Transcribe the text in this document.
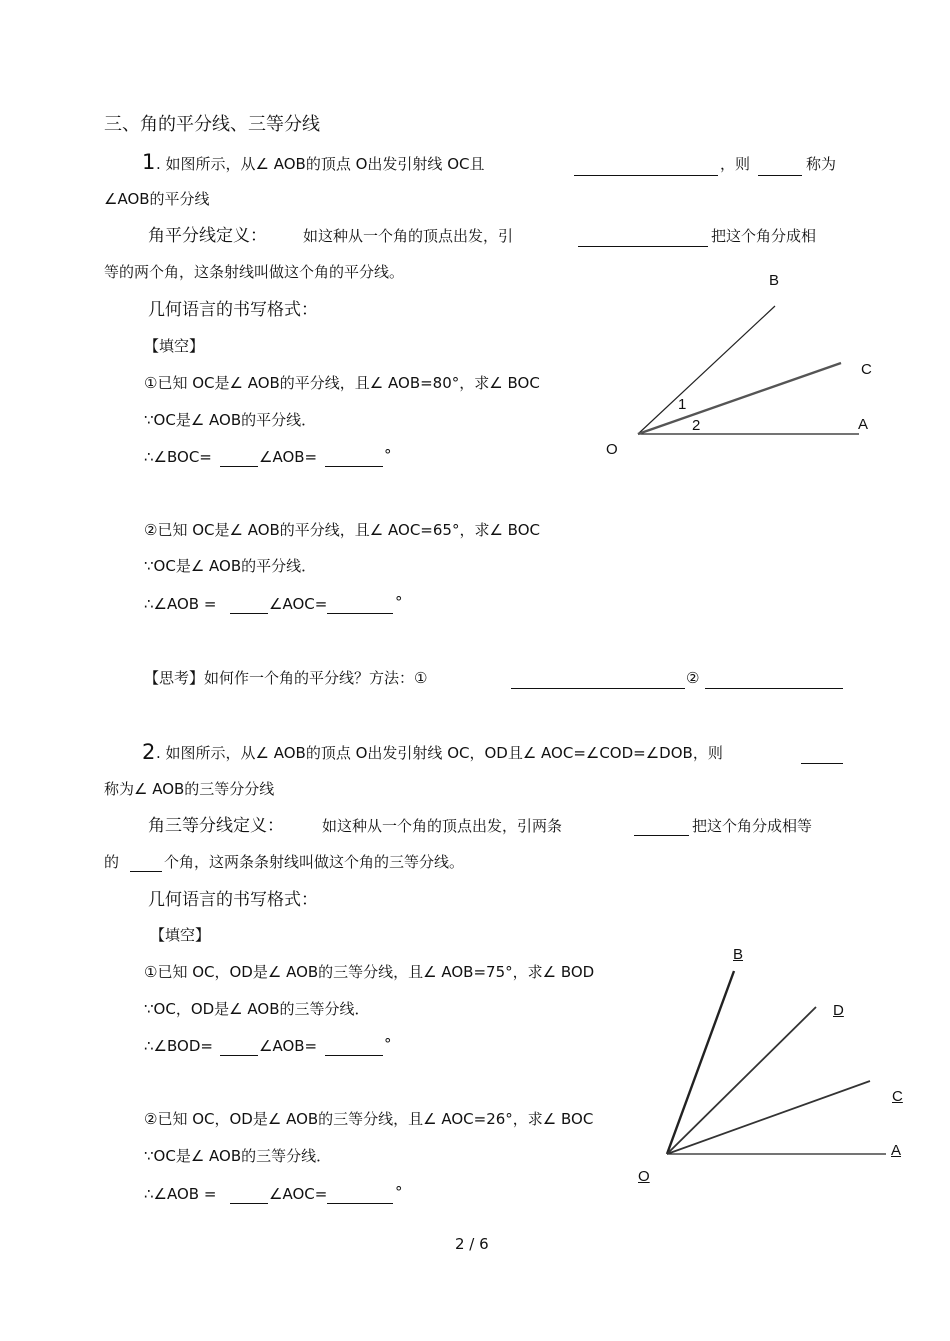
三、角的平分线、三等分线
1 . 如图所示，从∠ AOB的顶点 O出发引射线 OC且	，则	称为
∠AOB的平分线
角平分线定义： 如这种从一个角的顶点出发，引	把这个角分成相
等的两个角，这条射线叫做这个角的平分线。
几何语言的书写格式：
【填空】
①已知 OC是∠ AOB的平分线，且∠ AOB=80°，求∠ BOC
∵OC是∠ AOB的平分线．
∴∠BOC=	∠AOB=	°
②已知 OC是∠ AOB的平分线，且∠ AOC=65°，求∠ BOC
∵OC是∠ AOB的平分线．
∴∠AOB =	∠AOC=	°
【思考】如何作一个角的平分线？方法：①	②
B
C
A
O
1
2
2 . 如图所示，从∠ AOB的顶点 O出发引射线 OC，OD且∠ AOC=∠COD=∠DOB，则
称为∠ AOB的三等分分线
角三等分线定义：	如这种从一个角的顶点出发，引两条	把这个角分成相等
的	个角，这两条条射线叫做这个角的三等分线。
几何语言的书写格式：
【填空】
①已知 OC，OD是∠ AOB的三等分线，且∠ AOB=75°，求∠ BOD
∵OC，OD是∠ AOB的三等分线．
∴∠BOD=	∠AOB=	°
②已知 OC，OD是∠ AOB的三等分线，且∠ AOC=26°，求∠ BOC
∵OC是∠ AOB的三等分线．
∴∠AOB =	∠AOC=	°
B
D
C
A
O
2 / 6
